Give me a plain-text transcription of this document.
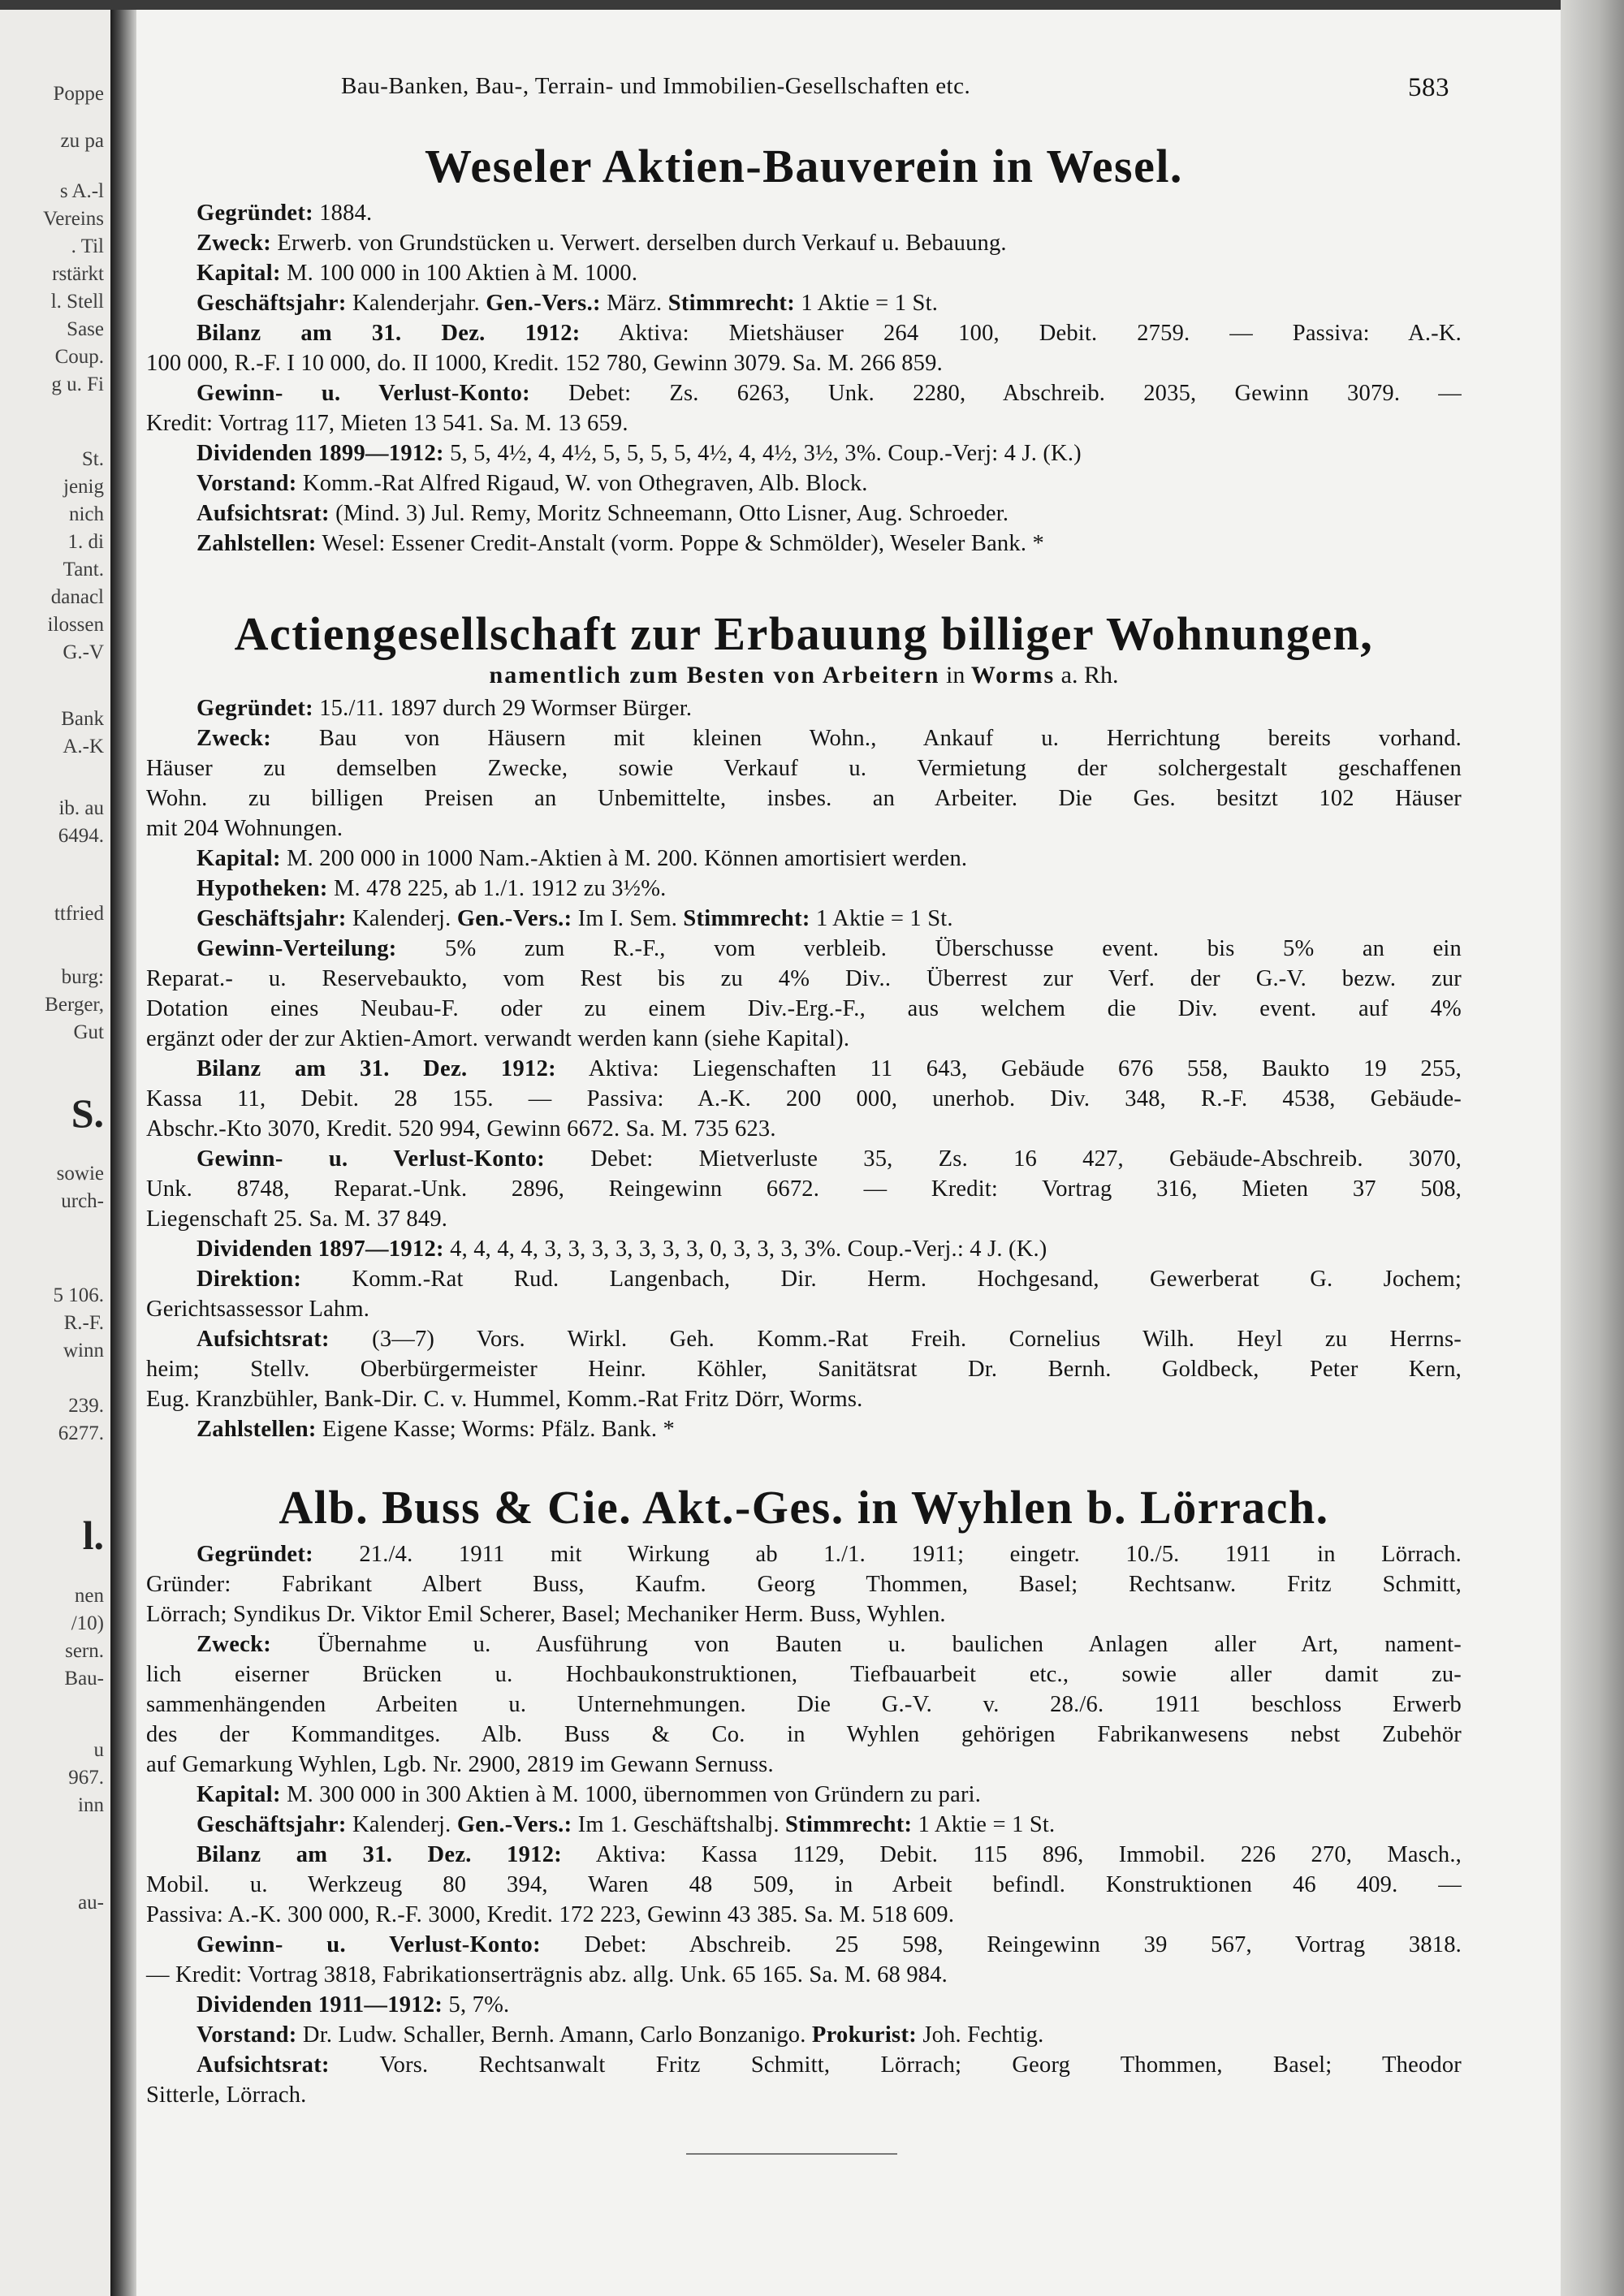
Poppe
zu pa
s A.-l
Vereins
. Til
rstärkt
l. Stell
Sase
Coup.
g u. Fi
St.
jenig
nich
1. di
Tant.
danacl
ilossen
G.-V
Bank
A.-K
ib. au
6494.
ttfried
burg:
Berger,
Gut
S.
sowie
urch-
5 106.
R.-F.
winn
239.
6277.
l.
nen
/10)
sern.
Bau-
u
967.
inn
au-
Bau-Banken, Bau-, Terrain- und Immobilien-Gesellschaften etc.	583
Weseler Aktien-Bauverein in Wesel.
Gegründet: 1884.
Zweck: Erwerb. von Grundstücken u. Verwert. derselben durch Verkauf u. Bebauung.
Kapital: M. 100 000 in 100 Aktien à M. 1000.
Geschäftsjahr: Kalenderjahr. Gen.-Vers.: März. Stimmrecht: 1 Aktie = 1 St.
Bilanz am 31. Dez. 1912: Aktiva: Mietshäuser 264 100, Debit. 2759. — Passiva: A.-K.
100 000, R.-F. I 10 000, do. II 1000, Kredit. 152 780, Gewinn 3079. Sa. M. 266 859.
Gewinn- u. Verlust-Konto: Debet: Zs. 6263, Unk. 2280, Abschreib. 2035, Gewinn 3079. —
Kredit: Vortrag 117, Mieten 13 541. Sa. M. 13 659.
Dividenden 1899—1912: 5, 5, 4½, 4, 4½, 5, 5, 5, 5, 4½, 4, 4½, 3½, 3%. Coup.-Verj: 4 J. (K.)
Vorstand: Komm.-Rat Alfred Rigaud, W. von Othegraven, Alb. Block.
Aufsichtsrat: (Mind. 3) Jul. Remy, Moritz Schneemann, Otto Lisner, Aug. Schroeder.
Zahlstellen: Wesel: Essener Credit-Anstalt (vorm. Poppe & Schmölder), Weseler Bank. *
Actiengesellschaft zur Erbauung billiger Wohnungen,
namentlich zum Besten von Arbeitern in Worms a. Rh.
Gegründet: 15./11. 1897 durch 29 Wormser Bürger.
Zweck: Bau von Häusern mit kleinen Wohn., Ankauf u. Herrichtung bereits vorhand.
Häuser zu demselben Zwecke, sowie Verkauf u. Vermietung der solchergestalt geschaffenen
Wohn. zu billigen Preisen an Unbemittelte, insbes. an Arbeiter. Die Ges. besitzt 102 Häuser
mit 204 Wohnungen.
Kapital: M. 200 000 in 1000 Nam.-Aktien à M. 200. Können amortisiert werden.
Hypotheken: M. 478 225, ab 1./1. 1912 zu 3½%.
Geschäftsjahr: Kalenderj. Gen.-Vers.: Im I. Sem. Stimmrecht: 1 Aktie = 1 St.
Gewinn-Verteilung: 5% zum R.-F., vom verbleib. Überschusse event. bis 5% an ein
Reparat.- u. Reservebaukto, vom Rest bis zu 4% Div.. Überrest zur Verf. der G.-V. bezw. zur
Dotation eines Neubau-F. oder zu einem Div.-Erg.-F., aus welchem die Div. event. auf 4%
ergänzt oder der zur Aktien-Amort. verwandt werden kann (siehe Kapital).
Bilanz am 31. Dez. 1912: Aktiva: Liegenschaften 11 643, Gebäude 676 558, Baukto 19 255,
Kassa 11, Debit. 28 155. — Passiva: A.-K. 200 000, unerhob. Div. 348, R.-F. 4538, Gebäude-
Abschr.-Kto 3070, Kredit. 520 994, Gewinn 6672. Sa. M. 735 623.
Gewinn- u. Verlust-Konto: Debet: Mietverluste 35, Zs. 16 427, Gebäude-Abschreib. 3070,
Unk. 8748, Reparat.-Unk. 2896, Reingewinn 6672. — Kredit: Vortrag 316, Mieten 37 508,
Liegenschaft 25. Sa. M. 37 849.
Dividenden 1897—1912: 4, 4, 4, 4, 3, 3, 3, 3, 3, 3, 3, 0, 3, 3, 3, 3%. Coup.-Verj.: 4 J. (K.)
Direktion: Komm.-Rat Rud. Langenbach, Dir. Herm. Hochgesand, Gewerberat G. Jochem;
Gerichtsassessor Lahm.
Aufsichtsrat: (3—7) Vors. Wirkl. Geh. Komm.-Rat Freih. Cornelius Wilh. Heyl zu Herrns-
heim; Stellv. Oberbürgermeister Heinr. Köhler, Sanitätsrat Dr. Bernh. Goldbeck, Peter Kern,
Eug. Kranzbühler, Bank-Dir. C. v. Hummel, Komm.-Rat Fritz Dörr, Worms.
Zahlstellen: Eigene Kasse; Worms: Pfälz. Bank. *
Alb. Buss & Cie. Akt.-Ges. in Wyhlen b. Lörrach.
Gegründet: 21./4. 1911 mit Wirkung ab 1./1. 1911; eingetr. 10./5. 1911 in Lörrach.
Gründer: Fabrikant Albert Buss, Kaufm. Georg Thommen, Basel; Rechtsanw. Fritz Schmitt,
Lörrach; Syndikus Dr. Viktor Emil Scherer, Basel; Mechaniker Herm. Buss, Wyhlen.
Zweck: Übernahme u. Ausführung von Bauten u. baulichen Anlagen aller Art, nament-
lich eiserner Brücken u. Hochbaukonstruktionen, Tiefbauarbeit etc., sowie aller damit zu-
sammenhängenden Arbeiten u. Unternehmungen. Die G.-V. v. 28./6. 1911 beschloss Erwerb
des der Kommanditges. Alb. Buss & Co. in Wyhlen gehörigen Fabrikanwesens nebst Zubehör
auf Gemarkung Wyhlen, Lgb. Nr. 2900, 2819 im Gewann Sernuss.
Kapital: M. 300 000 in 300 Aktien à M. 1000, übernommen von Gründern zu pari.
Geschäftsjahr: Kalenderj. Gen.-Vers.: Im 1. Geschäftshalbj. Stimmrecht: 1 Aktie = 1 St.
Bilanz am 31. Dez. 1912: Aktiva: Kassa 1129, Debit. 115 896, Immobil. 226 270, Masch.,
Mobil. u. Werkzeug 80 394, Waren 48 509, in Arbeit befindl. Konstruktionen 46 409. —
Passiva: A.-K. 300 000, R.-F. 3000, Kredit. 172 223, Gewinn 43 385. Sa. M. 518 609.
Gewinn- u. Verlust-Konto: Debet: Abschreib. 25 598, Reingewinn 39 567, Vortrag 3818.
— Kredit: Vortrag 3818, Fabrikationserträgnis abz. allg. Unk. 65 165. Sa. M. 68 984.
Dividenden 1911—1912: 5, 7%.
Vorstand: Dr. Ludw. Schaller, Bernh. Amann, Carlo Bonzanigo. Prokurist: Joh. Fechtig.
Aufsichtsrat: Vors. Rechtsanwalt Fritz Schmitt, Lörrach; Georg Thommen, Basel; Theodor
Sitterle, Lörrach.
